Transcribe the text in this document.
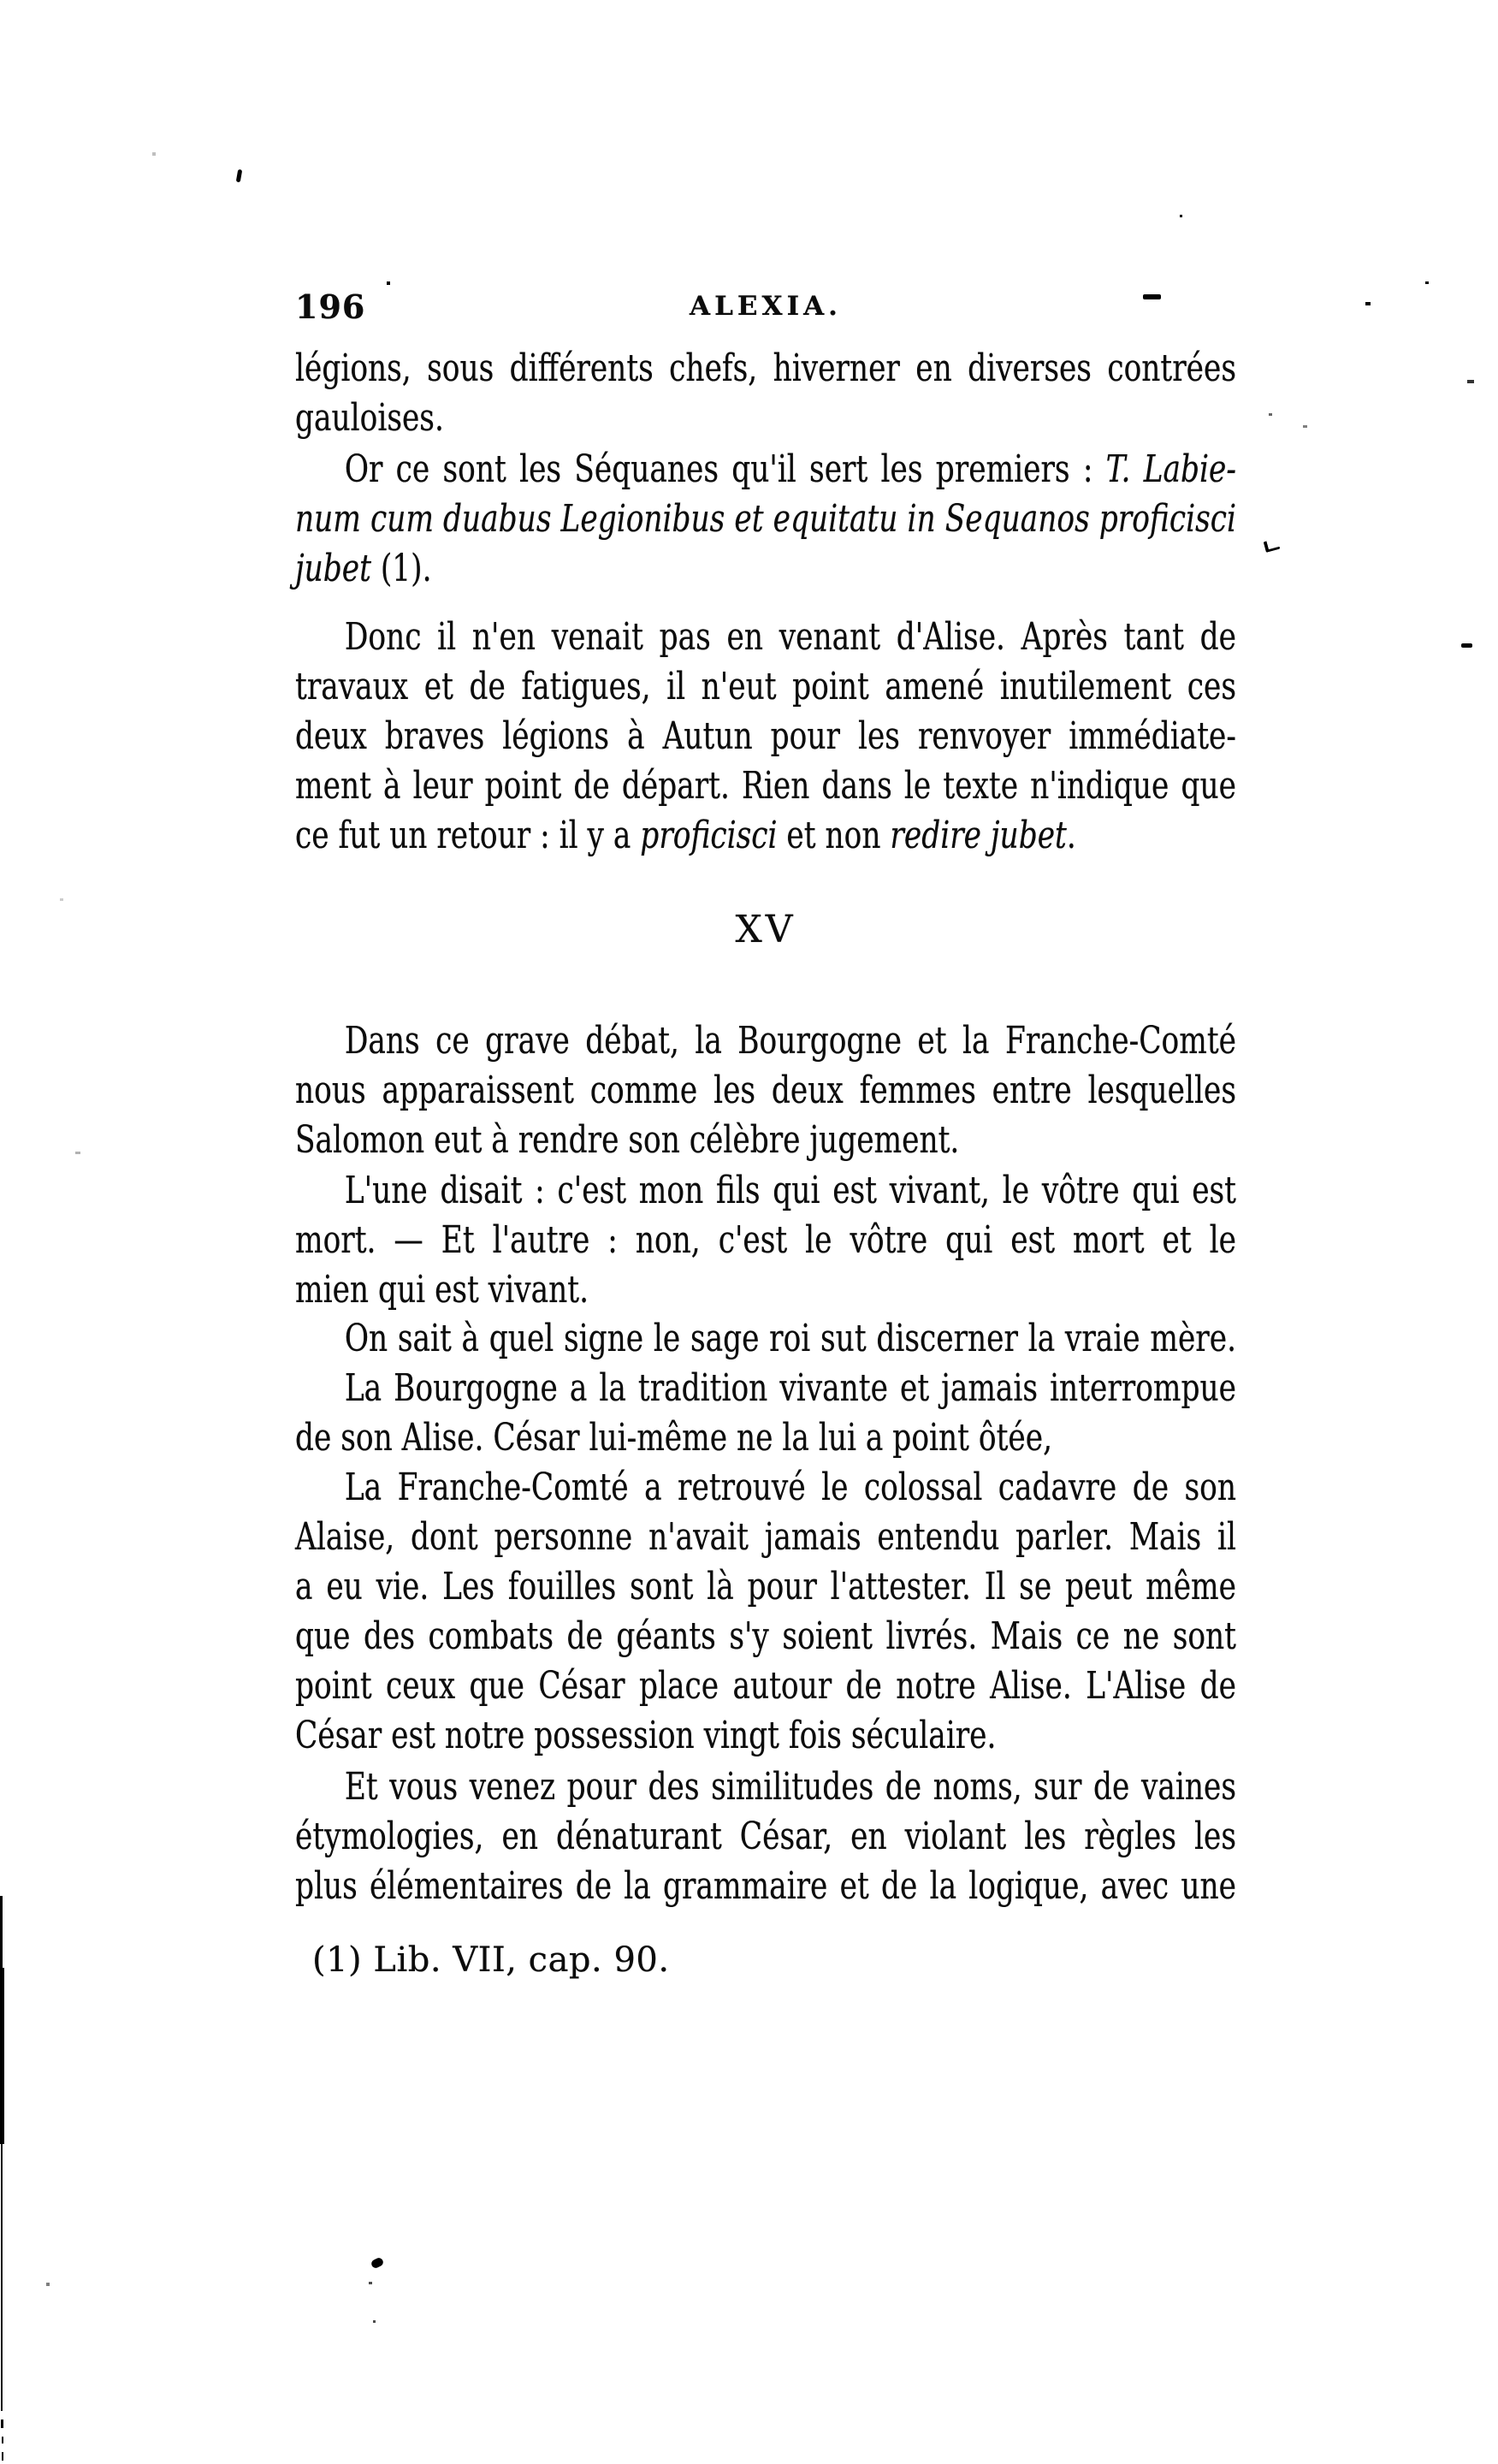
196	ALEXIA.
XV
légions, sous différents chefs, hiverner en diverses contrées
gauloises.
Or ce sont les Séquanes qu'il sert les premiers : T. Labie-
num cum duabus Legionibus et equitatu in Sequanos proficisci
jubet (1).
Donc il n'en venait pas en venant d'Alise. Après tant de
travaux et de fatigues, il n'eut point amené inutilement ces
deux braves légions à Autun pour les renvoyer immédiate-
ment à leur point de départ. Rien dans le texte n'indique que
ce fut un retour : il y a proficisci et non redire jubet.
Dans ce grave débat, la Bourgogne et la Franche-Comté
nous apparaissent comme les deux femmes entre lesquelles
Salomon eut à rendre son célèbre jugement.
L'une disait : c'est mon fils qui est vivant, le vôtre qui est
mort. — Et l'autre : non, c'est le vôtre qui est mort et le
mien qui est vivant.
On sait à quel signe le sage roi sut discerner la vraie mère.
La Bourgogne a la tradition vivante et jamais interrompue
de son Alise. César lui-même ne la lui a point ôtée,
La Franche-Comté a retrouvé le colossal cadavre de son
Alaise, dont personne n'avait jamais entendu parler. Mais il
a eu vie. Les fouilles sont là pour l'attester. Il se peut même
que des combats de géants s'y soient livrés. Mais ce ne sont
point ceux que César place autour de notre Alise. L'Alise de
César est notre possession vingt fois séculaire.
Et vous venez pour des similitudes de noms, sur de vaines
étymologies, en dénaturant César, en violant les règles les
plus élémentaires de la grammaire et de la logique, avec une
(1) Lib. VII, cap. 90.
